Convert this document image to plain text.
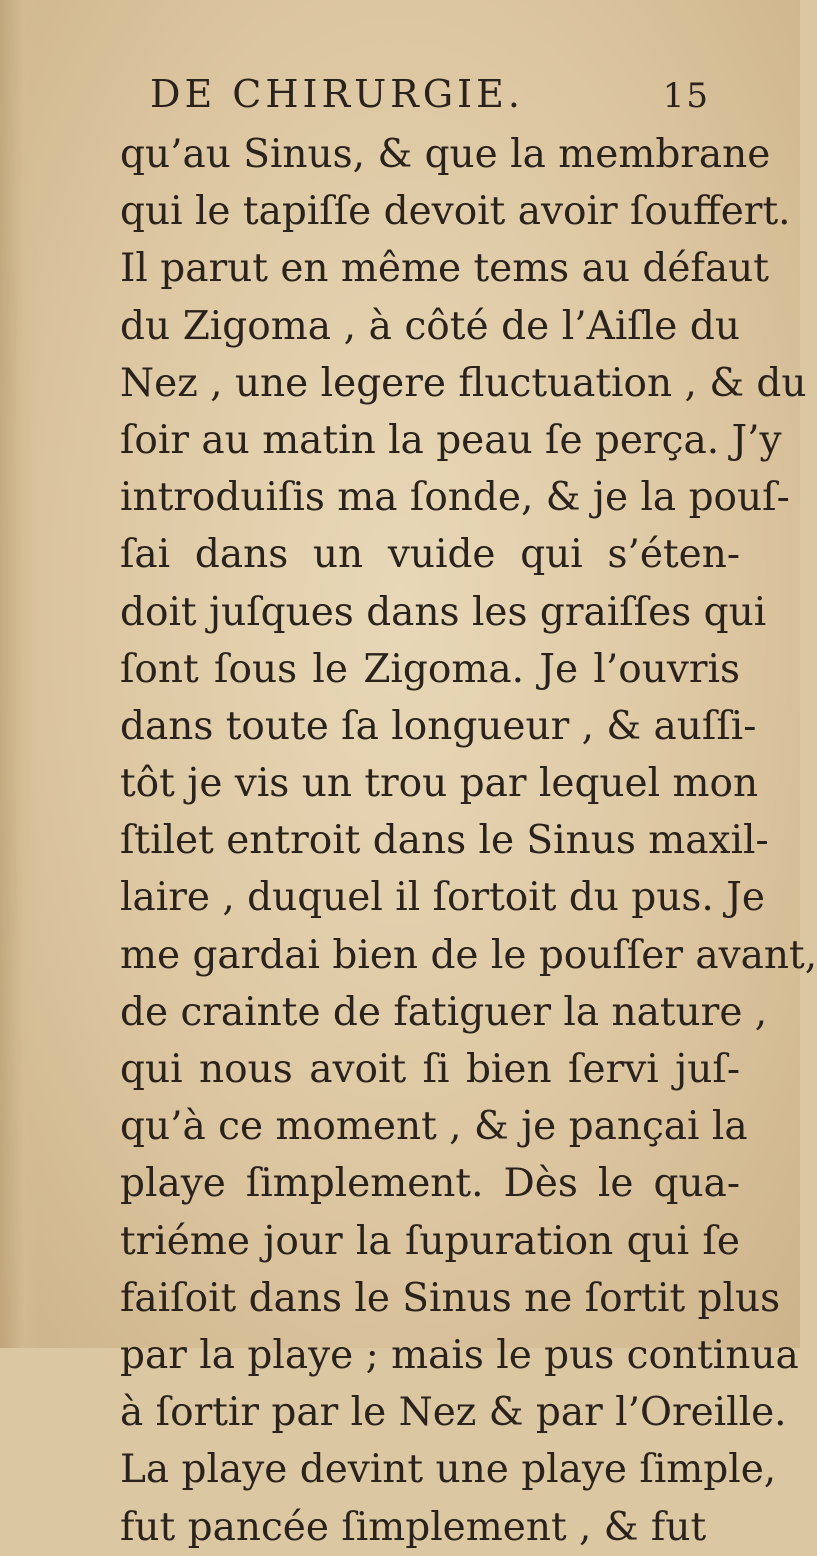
DE CHIRURGIE.	15
qu’au Sinus, & que la membrane
qui le tapiſſe devoit avoir ſouffert.
Il parut en même tems au défaut
du Zigoma , à côté de l’Aiſle du
Nez , une legere fluctuation , & du
ſoir au matin la peau ſe perça. J’y
introduiſis ma ſonde, & je la pouſ-
ſai dans un vuide qui s’éten-
doit juſques dans les graiſſes qui
ſont ſous le Zigoma. Je l’ouvris
dans toute ſa longueur , & auſſi-
tôt je vis un trou par lequel mon
ſtilet entroit dans le Sinus maxil-
laire , duquel il ſortoit du pus. Je
me gardai bien de le pouſſer avant,
de crainte de fatiguer la nature ,
qui nous avoit ſi bien ſervi juſ-
qu’à ce moment , & je pançai la
playe ſimplement. Dès le qua-
triéme jour la ſupuration qui ſe
faiſoit dans le Sinus ne ſortit plus
par la playe ; mais le pus continua
à ſortir par le Nez & par l’Oreille.
La playe devint une playe ſimple,
fut pancée ſimplement , & fut
